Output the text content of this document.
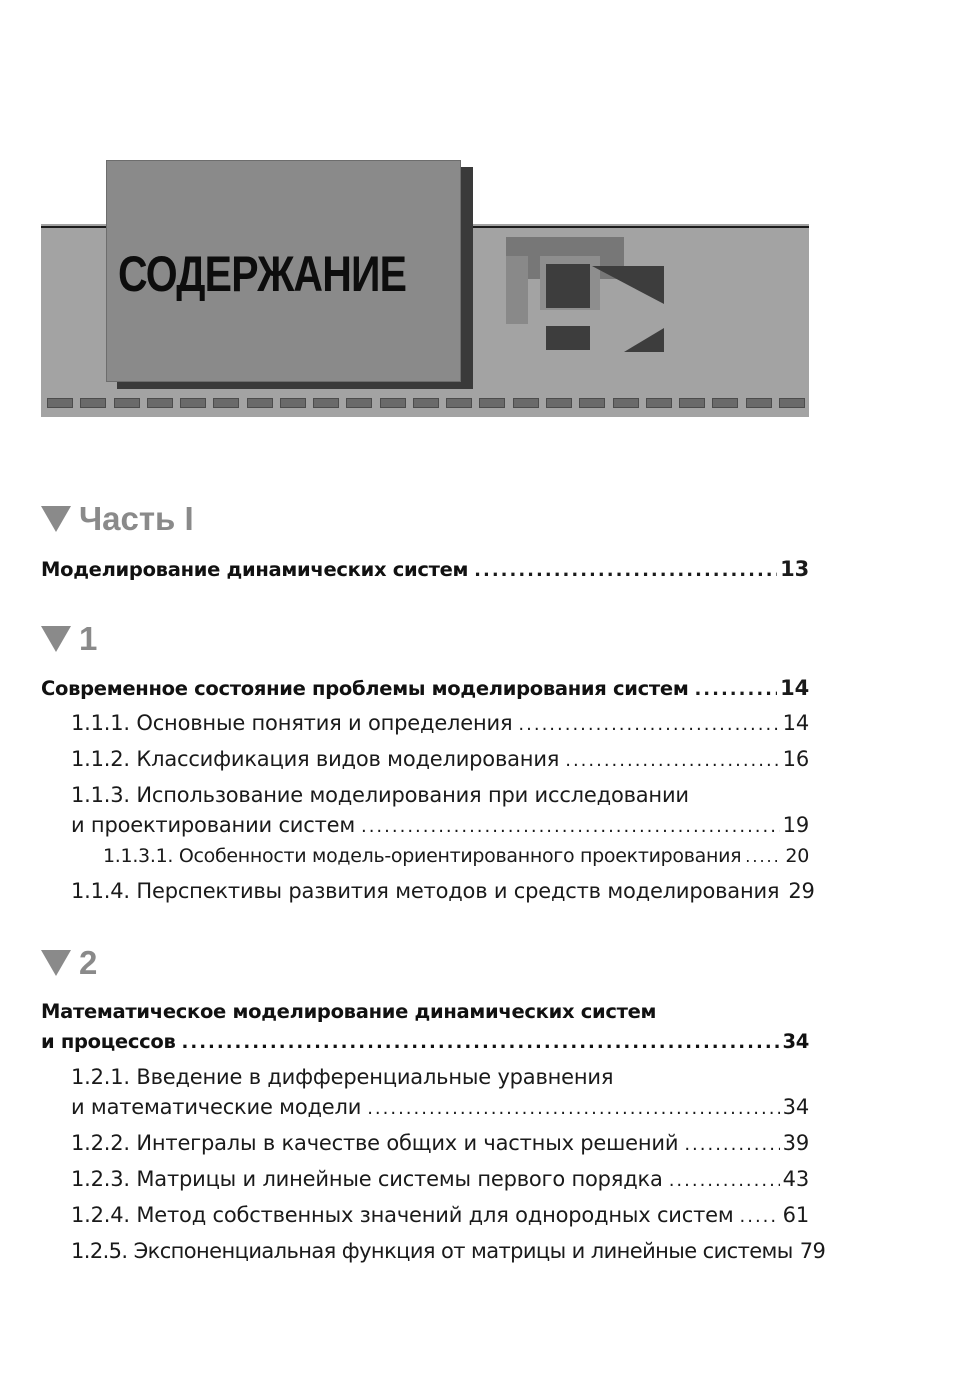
СОДЕРЖАНИЕ
Часть I
Моделирование динамических систем .....	13
1
Современное состояние проблемы моделирования систем .....	14
1.1.1. Основные понятия и определения .....	14
1.1.2. Классификация видов моделирования .....	16
1.1.3. Использование моделирования при исследовании
и проектировании систем .....	19
1.1.3.1. Особенности модель-ориентированного проектирования ..... 20
1.1.4. Перспективы развития методов и средств моделирования 29
2
Математическое моделирование динамических систем
и процессов .....	34
1.2.1. Введение в дифференциальные уравнения
и математические модели .....	34
1.2.2. Интегралы в качестве общих и частных решений .....	39
1.2.3. Матрицы и линейные системы первого порядка .....	43
1.2.4. Метод собственных значений для однородных систем ..... 61
1.2.5. Экспоненциальная функция от матрицы и линейные системы 79
